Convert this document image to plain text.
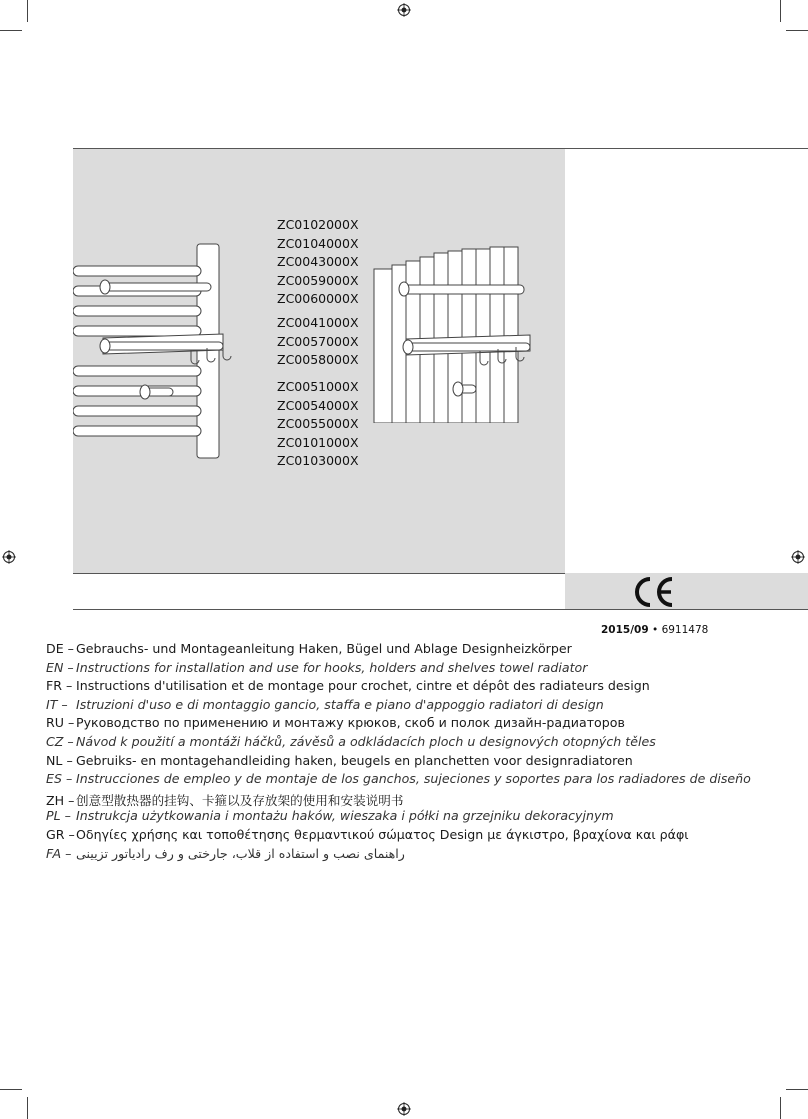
ZC0102000X
ZC0104000X
ZC0043000X
ZC0059000X
ZC0060000X
ZC0041000X
ZC0057000X
ZC0058000X
ZC0051000X
ZC0054000X
ZC0055000X
ZC0101000X
ZC0103000X
2015/09 • 6911478
DE – Gebrauchs- und Montageanleitung Haken, Bügel und Ablage Designheizkörper
EN – Instructions for installation and use for hooks, holders and shelves towel radiator
FR – Instructions d'utilisation et de montage pour crochet, cintre et dépôt des radiateurs design
IT – Istruzioni d'uso e di montaggio gancio, staffa e piano d'appoggio radiatori di design
RU – Руководство по применению и монтажу крюков, скоб и полок дизайн-радиаторов
CZ – Návod k použití a montáži háčků, závěsů a odkládacích ploch u designových otopných těles
NL – Gebruiks- en montagehandleiding haken, beugels en planchetten voor designradiatoren
ES – Instrucciones de empleo y de montaje de los ganchos, sujeciones y soportes para los radiadores de diseño
ZH – 创意型散热器的挂钩、卡箍以及存放架的使用和安装说明书
PL – Instrukcja użytkowania i montażu haków, wieszaka i półki na grzejniku dekoracyjnym
GR – Οδηγίες χρήσης και τοποθέτησης θερμαντικού σώματος Design με άγκιστρο, βραχίονα και ράφι
FA – راهنمای نصب و استفاده از قلاب، جارختی و رف رادیاتور تزیینی
